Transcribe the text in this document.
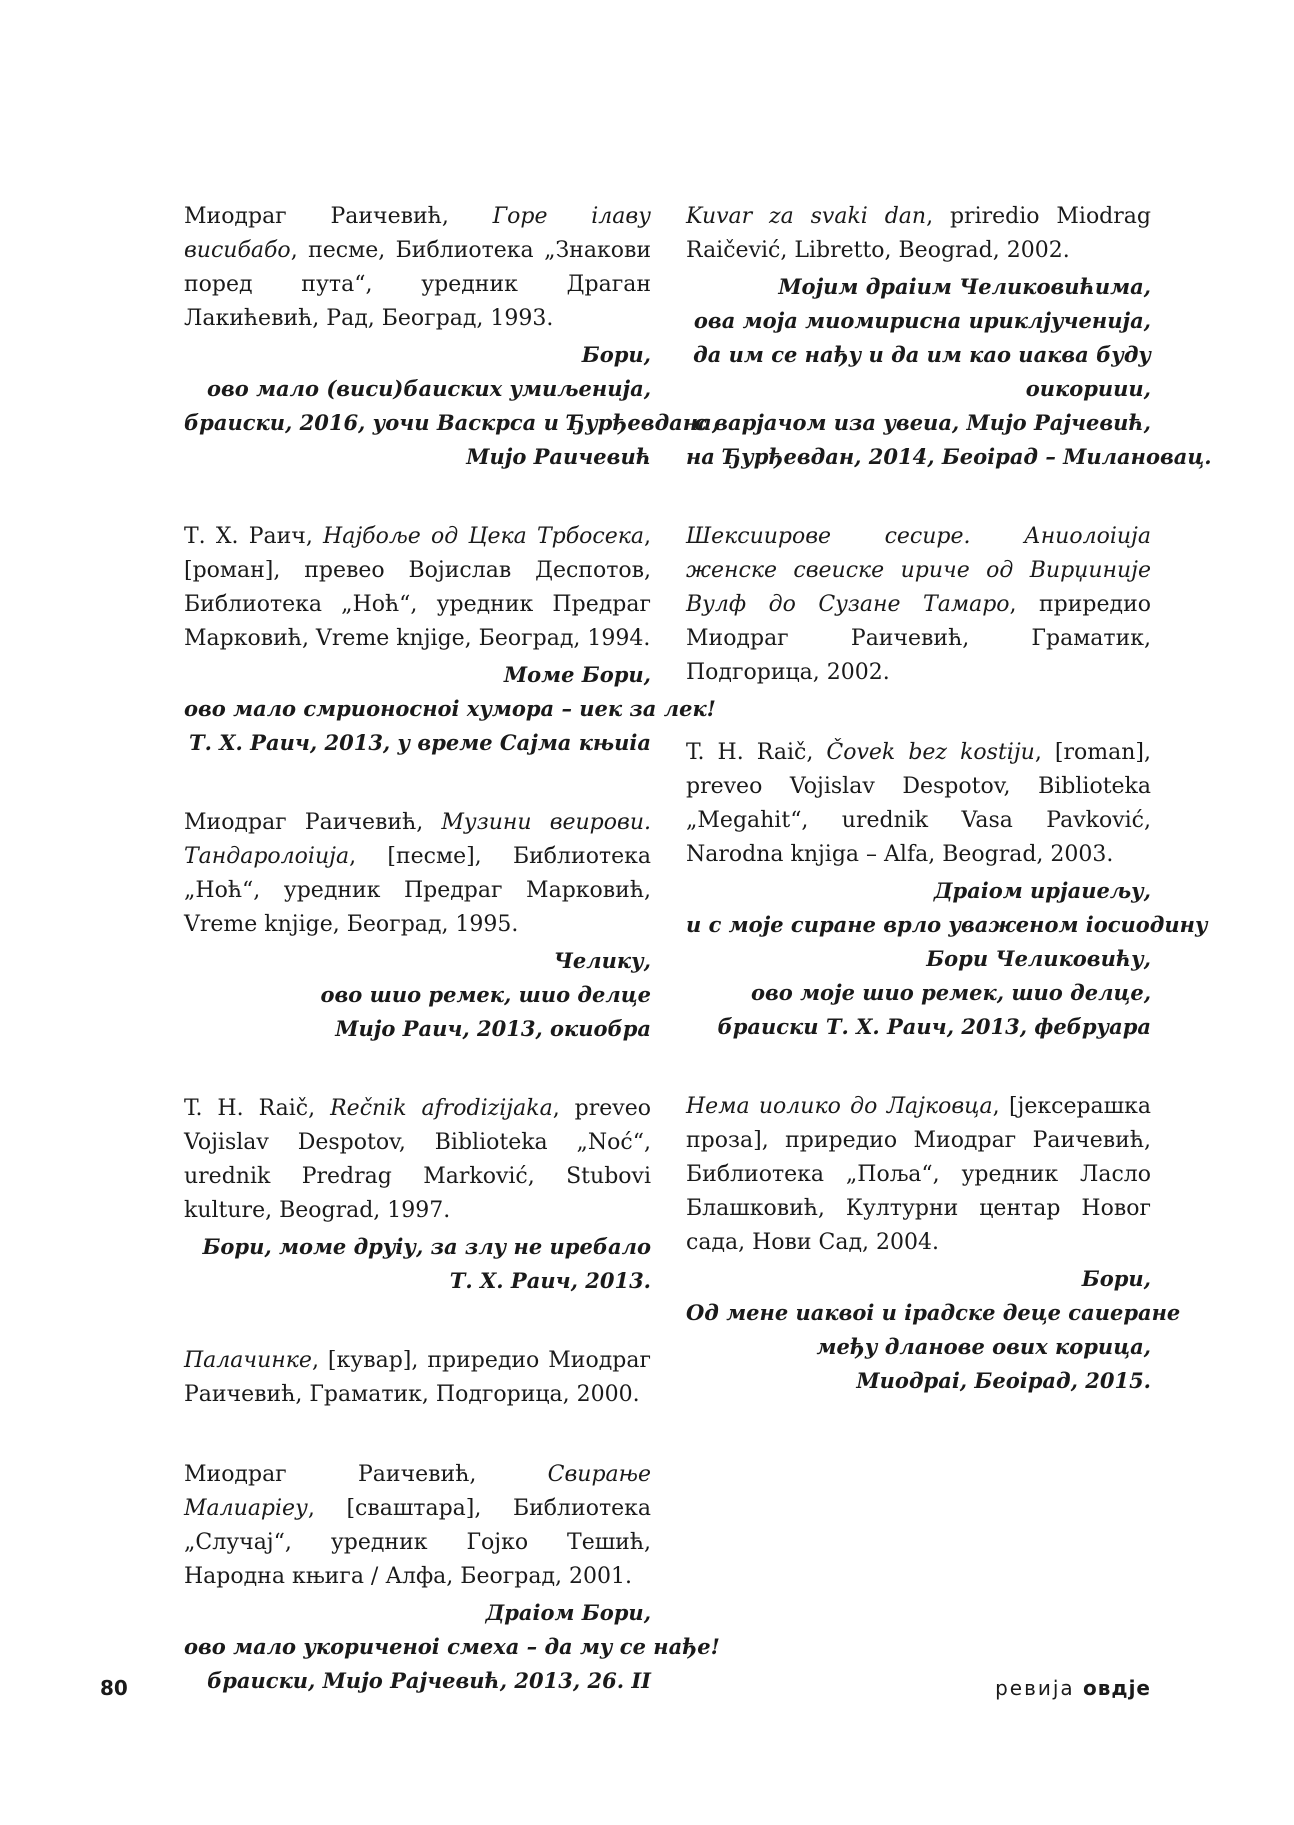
Миодраг Раичевић, Горе ілаву висибабо, песме, Библиотека „Знакови поред пута“, уредник Драган Лакићевић, Рад, Београд, 1993.
Бори,
ово мало (виси)баиских умиљенија,
браиски, 2016, уочи Васкрса и Ђурђевдана,
Мијо Раичевић
Т. Х. Раич, Најбоље од Цека Трбосека, [роман], превео Војислав Деспотов, Библиотека „Ноћ“, уредник Предраг Марковић, Vreme knjige, Београд, 1994.
Моме Бори,
ово мало смрионосноі хумора – иек за лек!
Т. Х. Раич, 2013, у време Сајма књиіа
Миодраг Раичевић, Музини веирови. Тандаролоіија, [песме], Библиотека „Ноћ“, уредник Предраг Марковић, Vreme knjige, Београд, 1995.
Челику,
ово шио ремек, шио делце
Мијо Раич, 2013, окиобра
T. H. Raič, Rečnik afrodizijaka, preveo Vojislav Despotov, Biblioteka „Noć“, urednik Predrag Marković, Stubovi kulture, Beograd, 1997.
Бори, моме друіу, за злу не иребало
Т. Х. Раич, 2013.
Палачинке, [кувар], приредио Миодраг Раичевић, Граматик, Подгорица, 2000.
Миодраг Раичевић, Свирање Малиаріеу, [сваштара], Библиотека „Случај“, уредник Гојко Тешић, Народна књига / Алфа, Београд, 2001.
Драіом Бори,
ово мало укориченоі смеха – да му се нађе!
браиски, Мијо Рајчевић, 2013, 26. II
Kuvar za svaki dan, priredio Miodrag Raičević, Libretto, Beograd, 2002.
Мојим драіим Челиковићима,
ова моја миомирисна ириклјученија,
да им се нађу и да им као иаква буду
оикориии,
с варјачом иза увеиа, Мијо Рајчевић,
на Ђурђевдан, 2014, Беоірад – Милановац.
Шексиирове сесире. Аниолоіија женске свеиске ириче од Вирџиније Вулф до Сузане Тамаро, приредио Миодраг Раичевић, Граматик, Подгорица, 2002.
T. H. Raič, Čovek bez kostiju, [roman], preveo Vojislav Despotov, Biblioteka „Megahit“, urednik Vasa Pavković, Narodna knjiga – Alfa, Beograd, 2003.
Драіом ирјаиељу,
и с моје сиране врло уваженом іосиодину
Бори Челиковићу,
ово моје шио ремек, шио делце,
браиски Т. Х. Раич, 2013, фебруара
Нема иолико до Лајковца, [јексерашка проза], приредио Миодраг Раичевић, Библиотека „Поља“, уредник Ласло Блашковић, Културни центар Новог сада, Нови Сад, 2004.
Бори,
Од мене иаквоі и ірадске деце саиеране
међу дланове ових корица,
Миодраі, Беоірад, 2015.
80	ревија овдје
